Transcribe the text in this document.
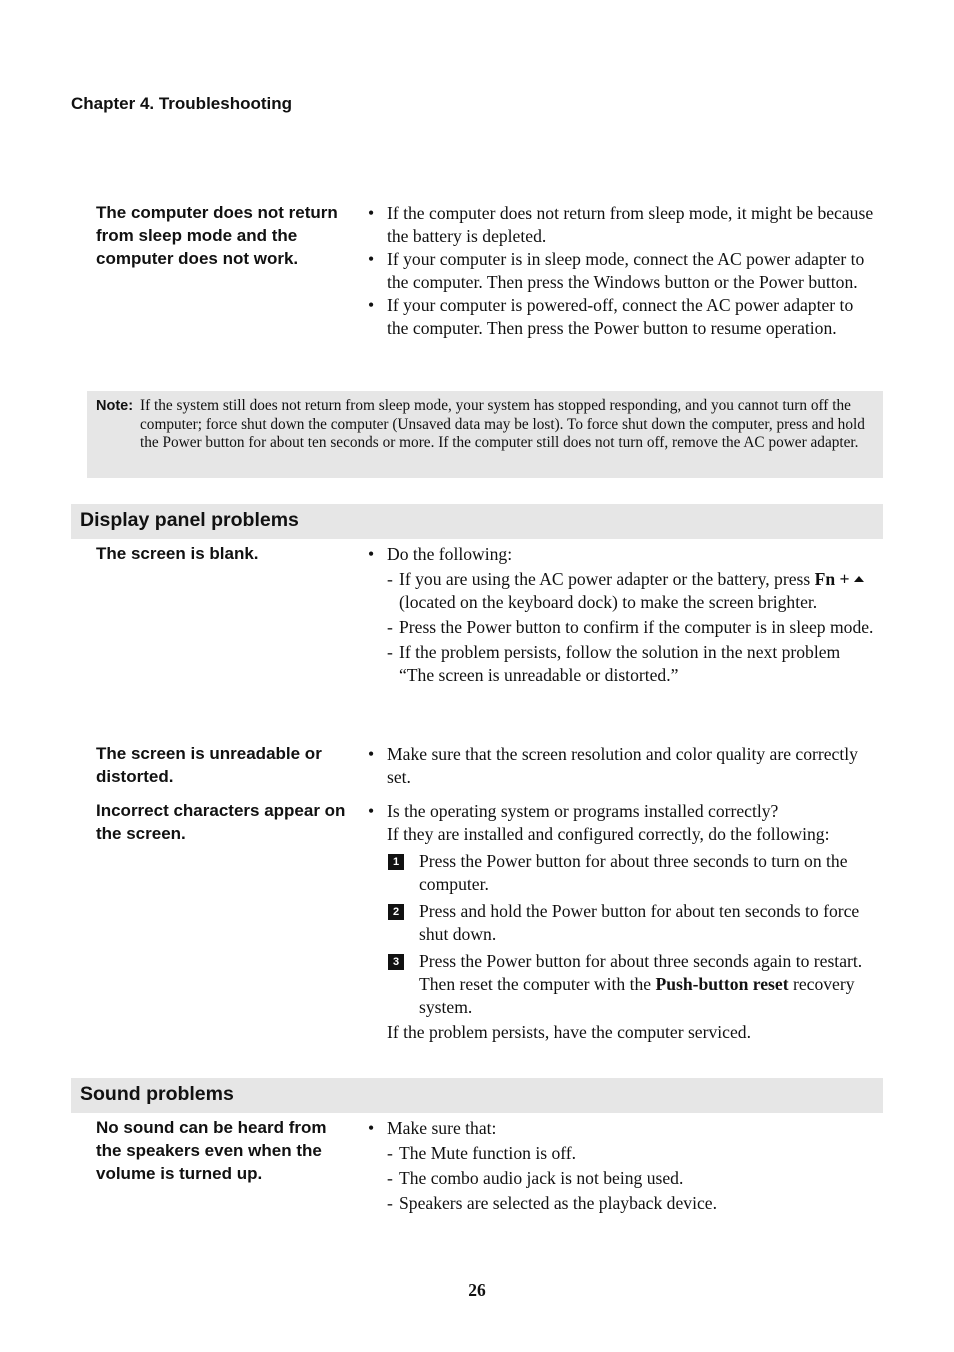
Chapter 4. Troubleshooting
The computer does not return from sleep mode and the computer does not work.
• If the computer does not return from sleep mode, it might be because the battery is depleted.
• If your computer is in sleep mode, connect the AC power adapter to the computer. Then press the Windows button or the Power button.
• If your computer is powered-off, connect the AC power adapter to the computer. Then press the Power button to resume operation.
Note: If the system still does not return from sleep mode, your system has stopped responding, and you cannot turn off the computer; force shut down the computer (Unsaved data may be lost). To force shut down the computer, press and hold the Power button for about ten seconds or more. If the computer still does not turn off, remove the AC power adapter.
Display panel problems
The screen is blank.	• Do the following:
- If you are using the AC power adapter or the battery, press Fn +(located on the keyboard dock) to make the screen brighter.
- Press the Power button to confirm if the computer is in sleep mode.
- If the problem persists, follow the solution in the next problem “The screen is unreadable or distorted.”
The screen is unreadable or distorted.
• Make sure that the screen resolution and color quality are correctly set.
Incorrect characters appear on the screen.
• Is the operating system or programs installed correctly?
If they are installed and configured correctly, do the following:
1 Press the Power button for about three seconds to turn on the computer.
2 Press and hold the Power button for about ten seconds to force shut down.
3 Press the Power button for about three seconds again to restart. Then reset the computer with the Push-button reset recovery system.
If the problem persists, have the computer serviced.
Sound problems
No sound can be heard from the speakers even when the volume is turned up.
• Make sure that:
- The Mute function is off.
- The combo audio jack is not being used.
- Speakers are selected as the playback device.
26
